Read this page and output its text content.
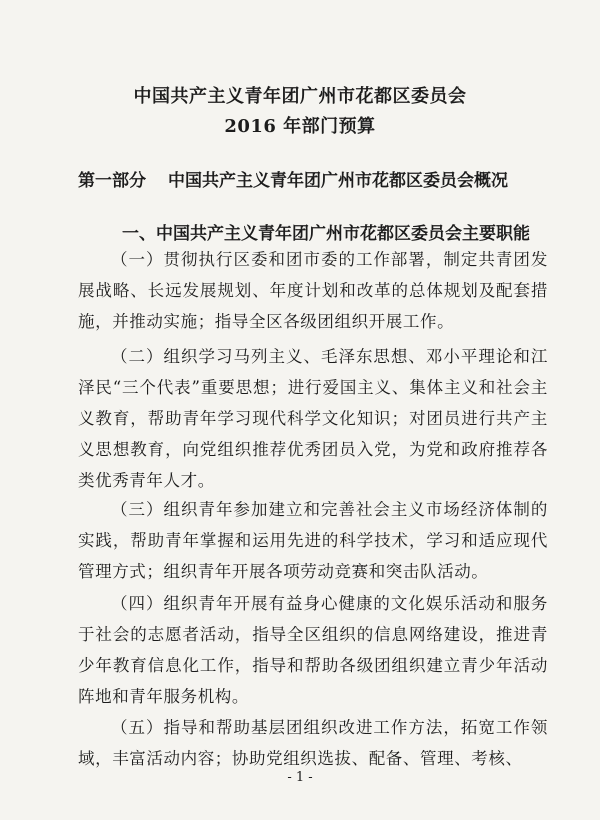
中国共产主义青年团广州市花都区委员会
2016 年部门预算
第一部分 中国共产主义青年团广州市花都区委员会概况
一、中国共产主义青年团广州市花都区委员会主要职能

（一）贯彻执行区委和团市委的工作部署，制定共青团发展战略、长远发展规划、年度计划和改革的总体规划及配套措施，并推动实施；指导全区各级团组织开展工作。

（二）组织学习马列主义、毛泽东思想、邓小平理论和江泽民“三个代表”重要思想；进行爱国主义、集体主义和社会主义教育，帮助青年学习现代科学文化知识；对团员进行共产主义思想教育，向党组织推荐优秀团员入党，为党和政府推荐各类优秀青年人才。

（三）组织青年参加建立和完善社会主义市场经济体制的实践，帮助青年掌握和运用先进的科学技术，学习和适应现代管理方式；组织青年开展各项劳动竞赛和突击队活动。

（四）组织青年开展有益身心健康的文化娱乐活动和服务于社会的志愿者活动，指导全区组织的信息网络建设，推进青少年教育信息化工作，指导和帮助各级团组织建立青少年活动阵地和青年服务机构。

（五）指导和帮助基层团组织改进工作方法，拓宽工作领域，丰富活动内容；协助党组织选拔、配备、管理、考核、

- 1 -
